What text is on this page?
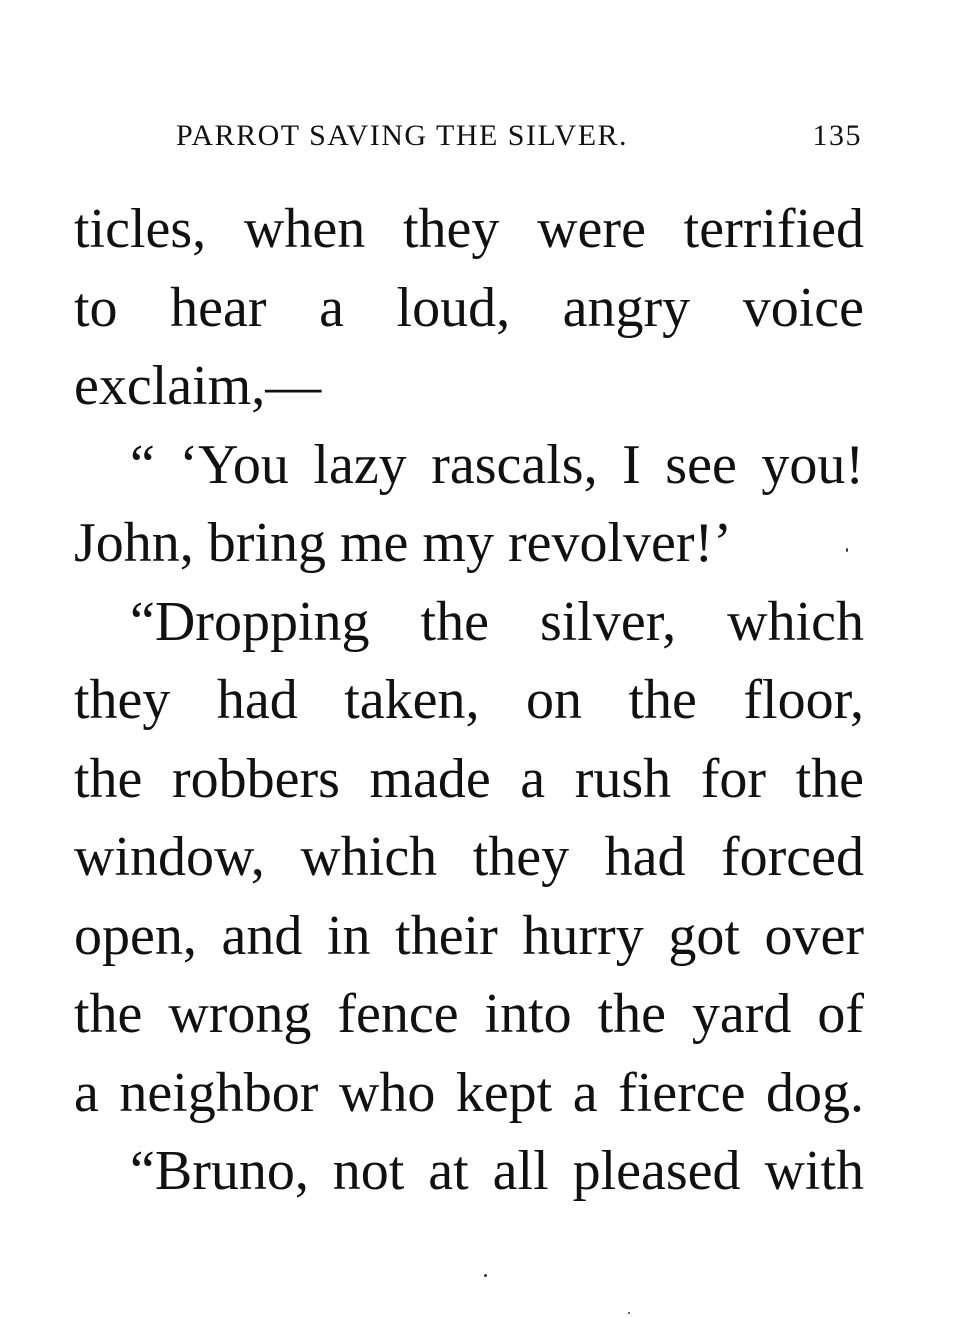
PARROT SAVING THE SILVER.	135
ticles, when they were terrified
to hear a loud, angry voice
exclaim,—
“ ‘You lazy rascals, I see you!
John, bring me my revolver!’
“Dropping the silver, which
they had taken, on the floor,
the robbers made a rush for the
window, which they had forced
open, and in their hurry got over
the wrong fence into the yard of
a neighbor who kept a fierce dog.
“Bruno, not at all pleased with
